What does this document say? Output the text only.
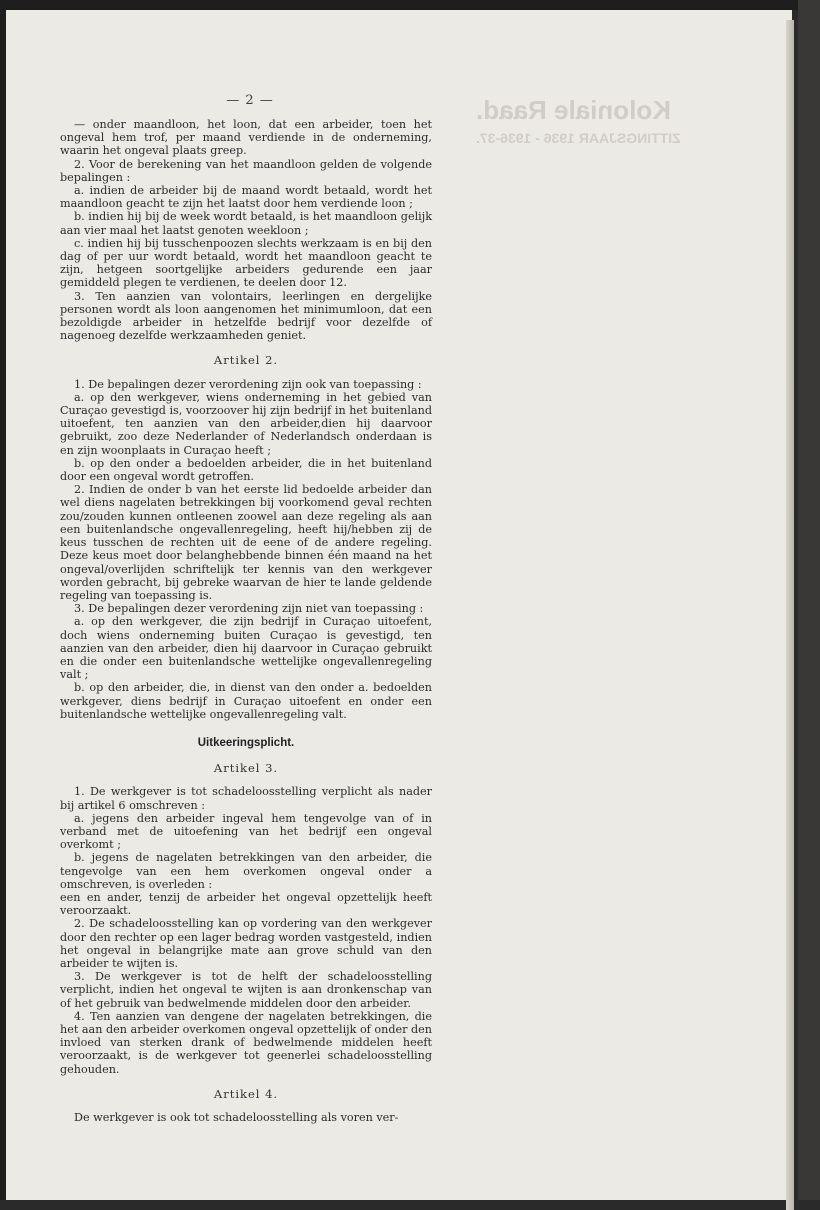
Koloniale Raad.
ZITTINGSJAAR 1936 - 1936-37.
— 2 —

— onder maandloon, het loon, dat een arbeider, toen het ongeval hem trof, per maand verdiende in de onderneming, waarin het ongeval plaats greep.

2. Voor de berekening van het maandloon gelden de volgende bepalingen :

a. indien de arbeider bij de maand wordt betaald, wordt het maandloon geacht te zijn het laatst door hem verdiende loon ;

b. indien hij bij de week wordt betaald, is het maandloon gelijk aan vier maal het laatst genoten weekloon ;

c. indien hij bij tusschenpoozen slechts werkzaam is en bij den dag of per uur wordt betaald, wordt het maandloon geacht te zijn, hetgeen soortgelijke arbeiders gedurende een jaar gemiddeld plegen te verdienen, te deelen door 12.

3. Ten aanzien van volontairs, leerlingen en dergelijke personen wordt als loon aangenomen het minimumloon, dat een bezoldigde arbeider in hetzelfde bedrijf voor dezelfde of nagenoeg dezelfde werkzaamheden geniet.

Artikel 2.

1. De bepalingen dezer verordening zijn ook van toepassing :

a. op den werkgever, wiens onderneming in het gebied van Curaçao gevestigd is, voorzoover hij zijn bedrijf in het buitenland uitoefent, ten aanzien van den arbeider,dien hij daarvoor gebruikt, zoo deze Nederlander of Nederlandsch onderdaan is en zijn woonplaats in Curaçao heeft ;

b. op den onder a bedoelden arbeider, die in het buitenland door een ongeval wordt getroffen.

2. Indien de onder b van het eerste lid bedoelde arbeider dan wel diens nagelaten betrekkingen bij voorkomend geval rechten zou/zouden kunnen ontleenen zoowel aan deze regeling als aan een buitenlandsche ongevallenregeling, heeft hij/hebben zij de keus tusschen de rechten uit de eene of de andere regeling. Deze keus moet door belanghebbende binnen één maand na het ongeval/overlijden schriftelijk ter kennis van den werkgever worden gebracht, bij gebreke waarvan de hier te lande geldende regeling van toepassing is.

3. De bepalingen dezer verordening zijn niet van toepassing :

a. op den werkgever, die zijn bedrijf in Curaçao uitoefent, doch wiens onderneming buiten Curaçao is gevestigd, ten aanzien van den arbeider, dien hij daarvoor in Curaçao gebruikt en die onder een buitenlandsche wettelijke ongevallenregeling valt ;

b. op den arbeider, die, in dienst van den onder a. bedoelden werkgever, diens bedrijf in Curaçao uitoefent en onder een buitenlandsche wettelijke ongevallenregeling valt.

Uitkeeringsplicht.
Artikel 3.

1. De werkgever is tot schadeloosstelling verplicht als nader bij artikel 6 omschreven :

a. jegens den arbeider ingeval hem tengevolge van of in verband met de uitoefening van het bedrijf een ongeval overkomt ;

b. jegens de nagelaten betrekkingen van den arbeider, die tengevolge van een hem overkomen ongeval onder a omschreven, is overleden :

een en ander, tenzij de arbeider het ongeval opzettelijk heeft veroorzaakt.

2. De schadeloosstelling kan op vordering van den werkgever door den rechter op een lager bedrag worden vastgesteld, indien het ongeval in belangrijke mate aan grove schuld van den arbeider te wijten is.

3. De werkgever is tot de helft der schadeloosstelling verplicht, indien het ongeval te wijten is aan dronkenschap van of het gebruik van bedwelmende middelen door den arbeider.

4. Ten aanzien van dengene der nagelaten betrekkingen, die het aan den arbeider overkomen ongeval opzettelijk of onder den invloed van sterken drank of bedwelmende middelen heeft veroorzaakt, is de werkgever tot geenerlei schadeloosstelling gehouden.

Artikel 4.

De werkgever is ook tot schadeloosstelling als voren ver-
